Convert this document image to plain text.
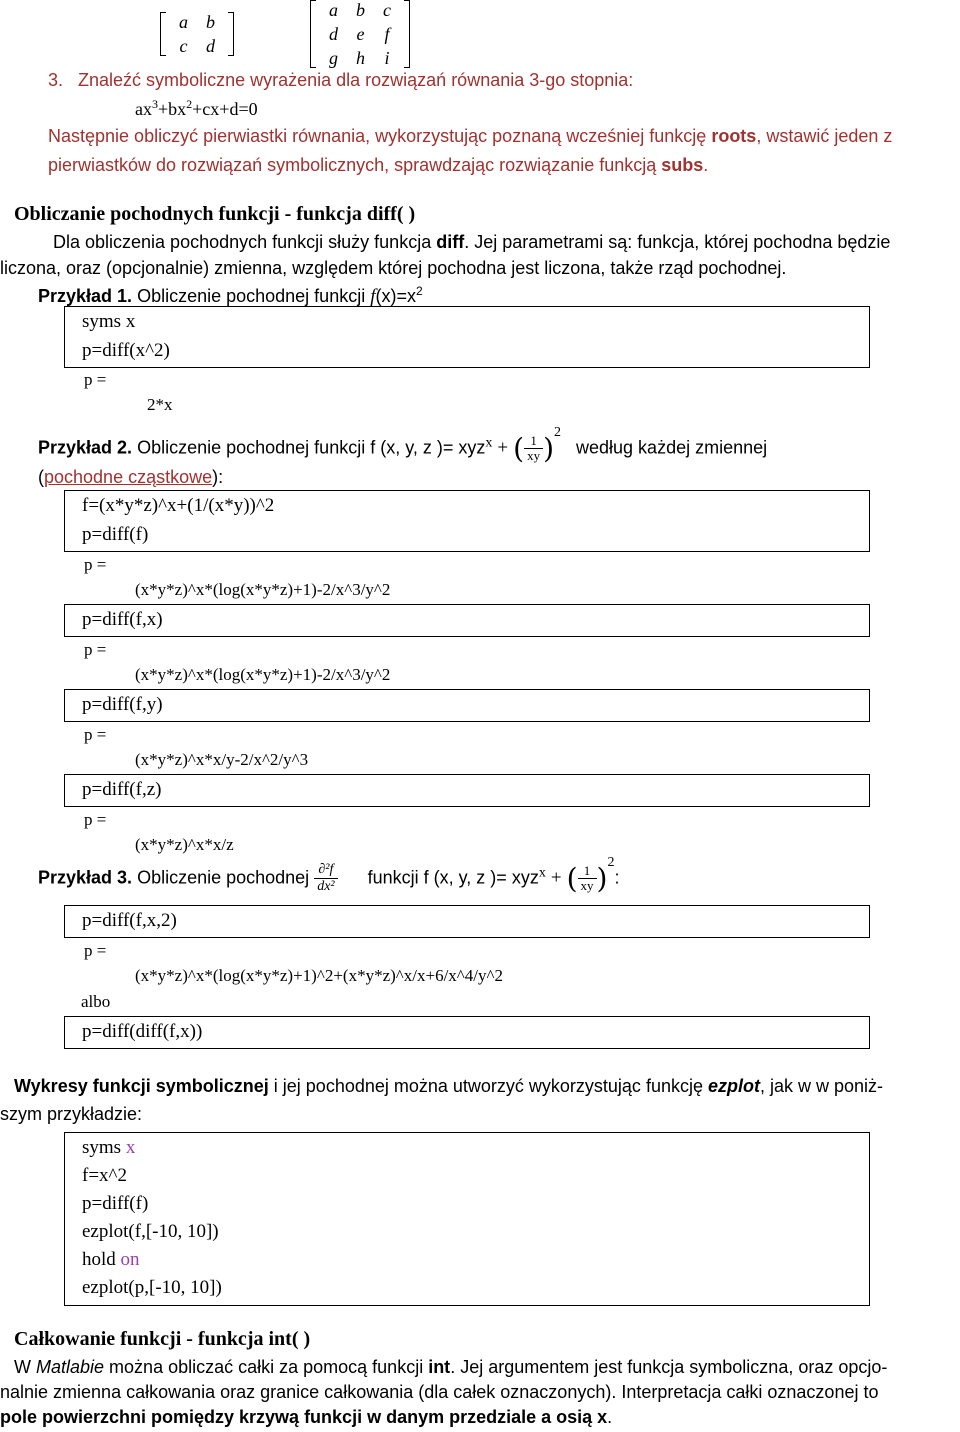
a	b
c	d
a	b	c
d	e	f
g	h	i
3. Znaleźć symboliczne wyrażenia dla rozwiązań równania 3-go stopnia:
$ax^3+bx^2+cx+d=0$
Następnie obliczyć pierwiastki równania, wykorzystując poznaną wcześniej funkcję roots, wstawić jeden z
pierwiastków do rozwiązań symbolicznych, sprawdzając rozwiązanie funkcją subs.
Obliczanie pochodnych funkcji - funkcja diff( )
Dla obliczenia pochodnych funkcji służy funkcja diff. Jej parametrami są: funkcja, której pochodna będzie
liczona, oraz (opcjonalnie) zmienna, względem której pochodna jest liczona, także rząd pochodnej.
Przykład 1. Obliczenie pochodnej funkcji $f(x)=x^2$
syms x
p=diff(x^2)
p =
2*x
Przykład 2. Obliczenie pochodnej funkcji f (x, y, z )= xyz$^x$ + ( $\frac{1}{xy} )^2$   według każdej zmiennej
(pochodne cząstkowe):
f=(x*y*z)^x+(1/(x*y))^2
p=diff(f)
p =
(x*y*z)^x*(log(x*y*z)+1)-2/x^3/y^2
p=diff(f,x)
p =
(x*y*z)^x*(log(x*y*z)+1)-2/x^3/y^2
p=diff(f,y)
p =
(x*y*z)^x*x/y-2/x^2/y^3
p=diff(f,z)
p =
(x*y*z)^x*x/z
Przykład 3. Obliczenie pochodnej $\frac{\text{∂²f}}{\text{dx²}}$ funkcji f (x, y, z )= xyz$^x$ + ( $\frac{1}{xy} )^2$:
p=diff(f,x,2)
p =
(x*y*z)^x*(log(x*y*z)+1)^2+(x*y*z)^x/x+6/x^4/y^2
albo
p=diff(diff(f,x))
Wykresy funkcji symbolicznej i jej pochodnej można utworzyć wykorzystując funkcję ezplot, jak w w poniż-
szym przykładzie:
syms x
f=x^2
p=diff(f)
ezplot(f,[-10, 10])
hold on
ezplot(p,[-10, 10])
Całkowanie funkcji - funkcja int( )
W Matlabie można obliczać całki za pomocą funkcji int. Jej argumentem jest funkcja symboliczna, oraz opcjo-
nalnie zmienna całkowania oraz granice całkowania (dla całek oznaczonych). Interpretacja całki oznaczonej to
pole powierzchni pomiędzy krzywą funkcji w danym przedziale a osią x.
